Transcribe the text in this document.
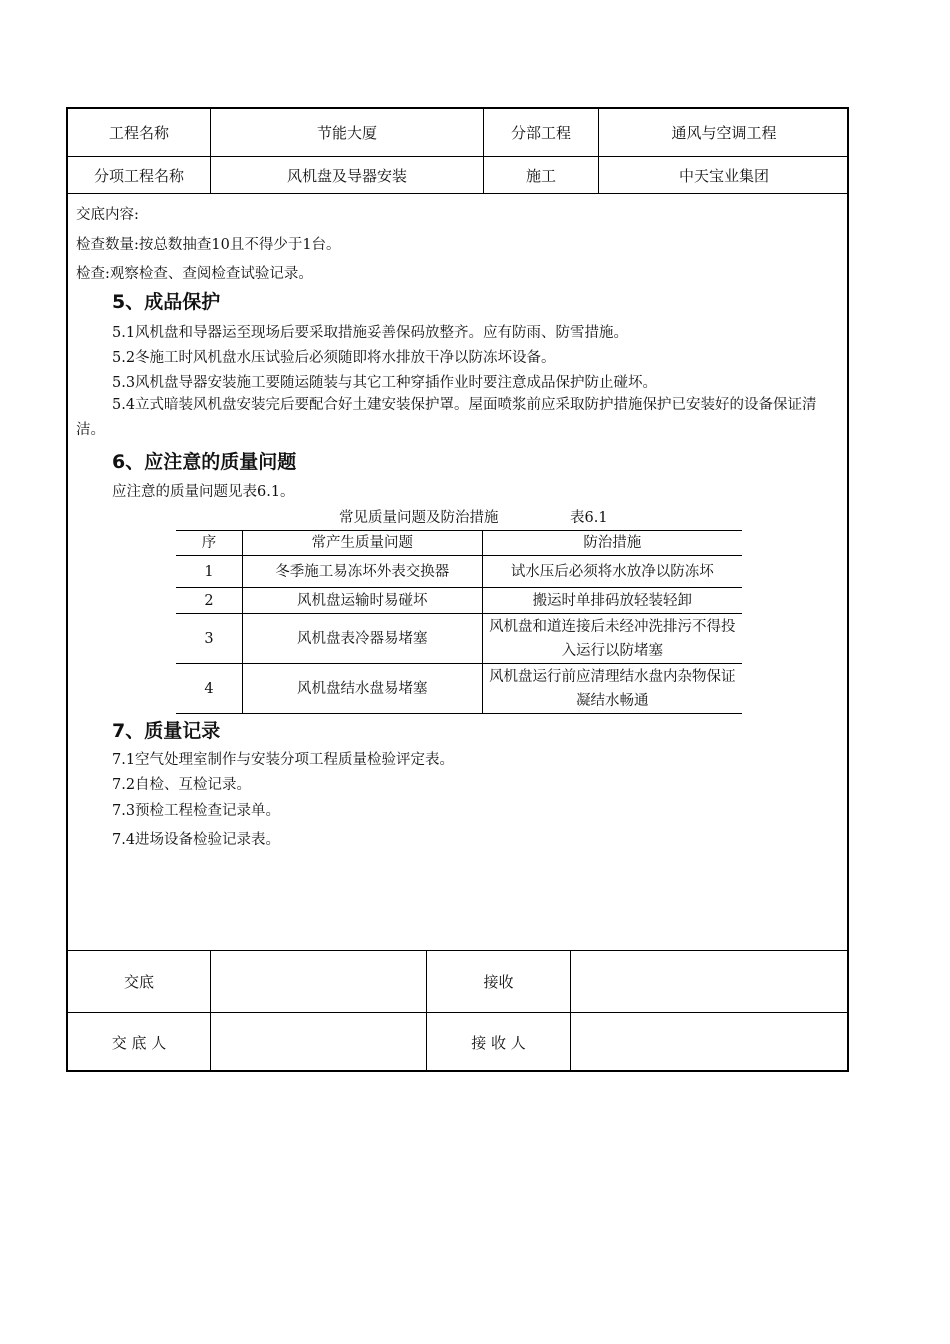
工程名称	节能大厦	分部工程	通风与空调工程
分项工程名称	风机盘及导器安装	施工	中天宝业集团
交底	接收
交 底 人	接 收 人
交底内容:
检查数量:按总数抽查10且不得少于1台。
检查:观察检查、查阅检查试验记录。
5、成品保护
5.1风机盘和导器运至现场后要采取措施妥善保码放整齐。应有防雨、防雪措施。
5.2冬施工时风机盘水压试验后必须随即将水排放干净以防冻坏设备。
5.3风机盘导器安装施工要随运随装与其它工种穿插作业时要注意成品保护防止碰坏。
5.4立式暗装风机盘安装完后要配合好土建安装保护罩。屋面喷浆前应采取防护措施保护已安装好的设备保证清洁。
6、应注意的质量问题
应注意的质量问题见表6.1。
常见质量问题及防治措施	表6.1
序	常产生质量问题	防治措施
1	冬季施工易冻坏外表交换器	试水压后必须将水放净以防冻坏
2	风机盘运输时易碰坏	搬运时单排码放轻装轻卸
3	风机盘表冷器易堵塞	风机盘和道连接后未经冲洗排污不得投入运行以防堵塞
4	风机盘结水盘易堵塞	风机盘运行前应清理结水盘内杂物保证凝结水畅通
7、质量记录
7.1空气处理室制作与安装分项工程质量检验评定表。
7.2自检、互检记录。
7.3预检工程检查记录单。
7.4进场设备检验记录表。
